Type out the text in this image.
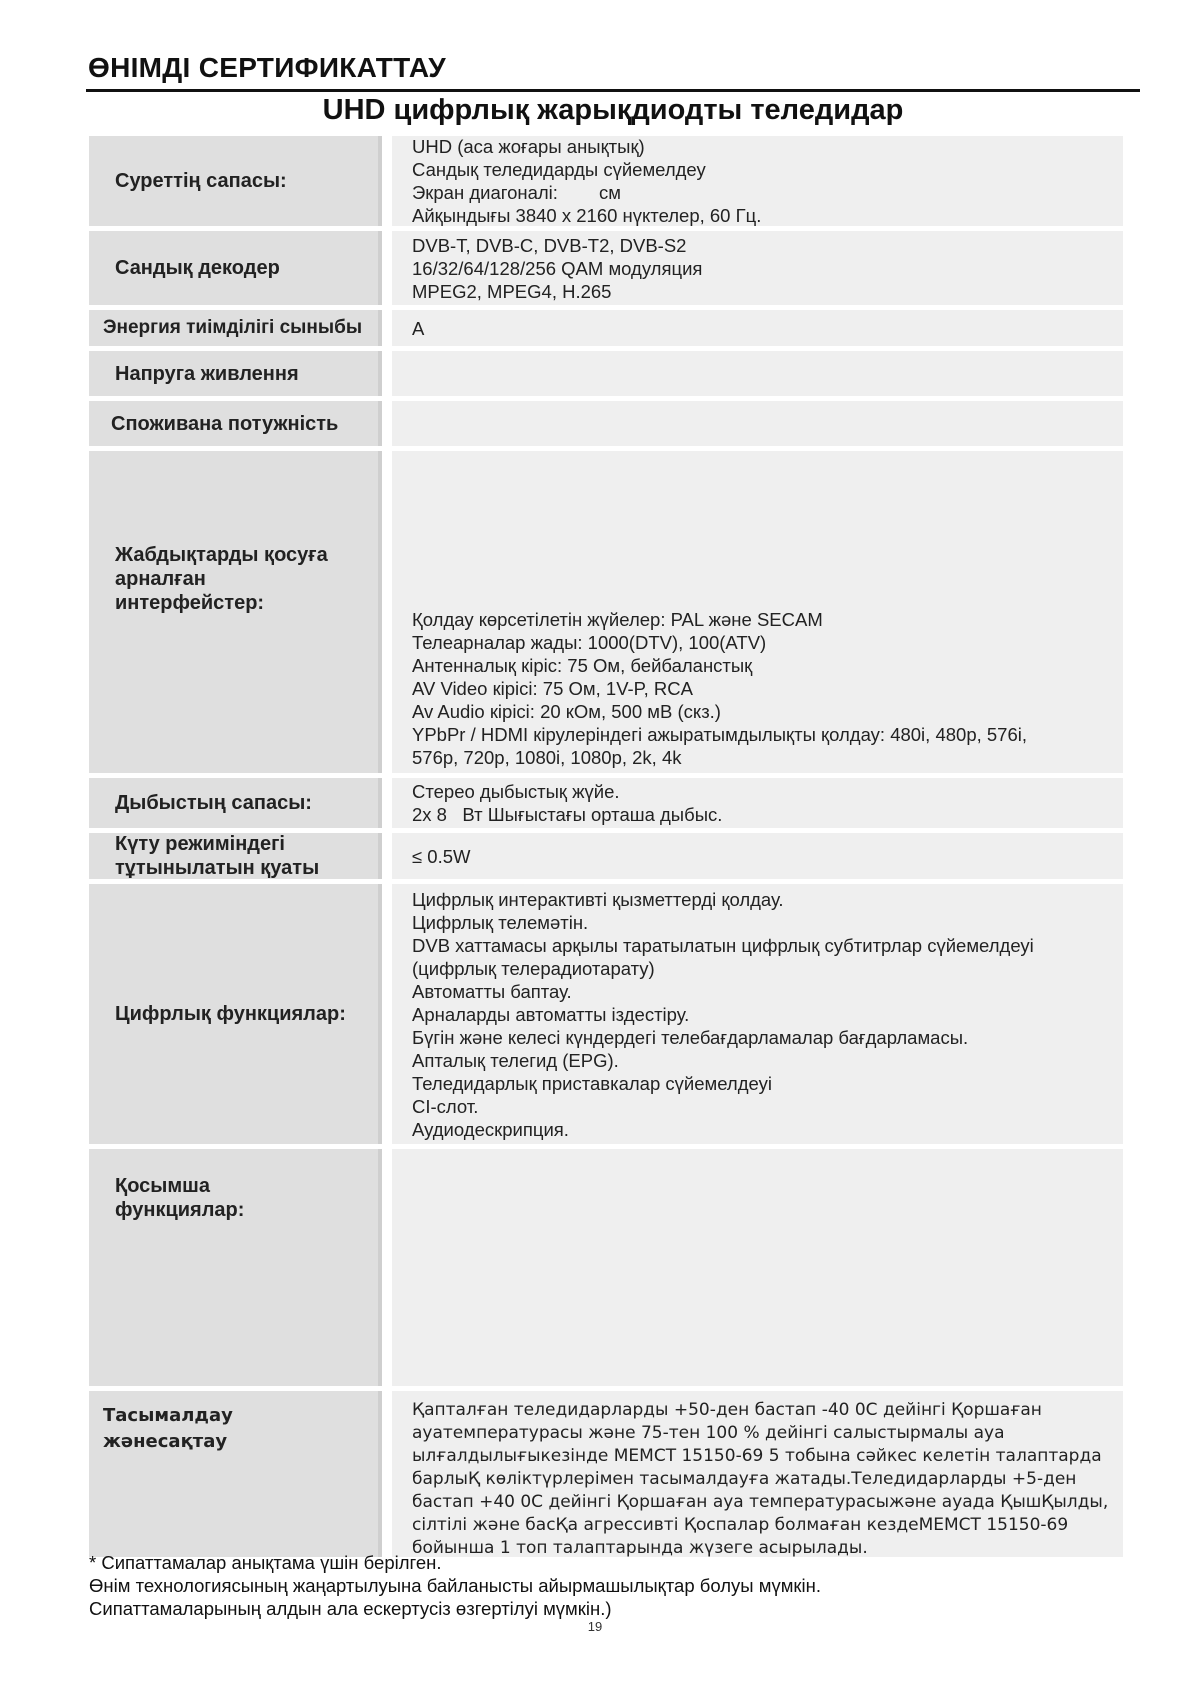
ӨНІМДІ СЕРТИФИКАТТАУ
UHD цифрлық жарықдиодты теледидар
Суреттің сапасы:
UHD (аса жоғары анықтық)
Сандық теледидарды сүйемелдеу
Экран диагоналі:        см
Айқындығы 3840 x 2160 нүктелер, 60 Гц.
Сандық декодер
DVB-T, DVB-C, DVB-T2, DVB-S2
16/32/64/128/256 QAM модуляция
MPEG2, MPEG4, H.265
Энергия тиімділігі сыныбы	A
Напруга живлення
Споживана потужність
Жабдықтарды қосуға
арналған
интерфейстер:
Қолдау көрсетілетін жүйелер: PAL және SECAM
Телеарналар жады: 1000(DTV), 100(ATV)
Антенналық кіріс: 75 Ом, бейбаланстық
AV Video кірісі: 75 Ом, 1V-P, RCA
Av Audio кірісі: 20 кОм, 500 мВ (скз.)
YPbPr / HDMI кірулеріндегі ажыратымдылықты қолдау: 480i, 480p, 576i,
576p, 720p, 1080i, 1080p, 2k, 4k
Дыбыстың сапасы:
Стерео дыбыстық жүйе.
2x 8   Вт Шығыстағы орташа дыбыс.
Күту режиміндегі
тұтынылатын қуаты
≤ 0.5W
Цифрлық функциялар:
Цифрлық интерактивті қызметтерді қолдау.
Цифрлық телемәтін.
DVB хаттамасы арқылы таратылатын цифрлық субтитрлар сүйемелдеуі
(цифрлық телерадиотарату)
Автоматты баптау.
Арналарды автоматты іздестіру.
Бүгін және келесі күндердегі телебағдарламалар бағдарламасы.
Апталық телегид (EPG).
Теледидарлық приставкалар сүйемелдеуі
CI-слот.
Аудиодескрипция.
Қосымша
функциялар:
Тасымалдау
жәнесақтау
Қапталған теледидарларды +50-ден бастап -40 0С дейінгі Қоршаған
ауатемпературасы және 75-тен 100 % дейінгі салыстырмалы ауа
ылғалдылығыкезінде МЕМСТ 15150-69 5 тобына сәйкес келетін талаптарда
барлыҚ көліктүрлерімен тасымалдауға жатады.Теледидарларды +5-ден
бастап +40 0С дейінгі Қоршаған ауа температурасыжәне ауада ҚышҚылды,
сілтілі және басҚа агрессивті Қоспалар болмаған кездеМЕМСТ 15150-69
бойынша 1 топ талаптарында жүзеге асырылады.
* Сипаттамалар анықтама үшін берілген.
Өнім технологиясының жаңартылуына байланысты айырмашылықтар болуы мүмкін.
Сипаттамаларының алдын ала ескертусіз өзгертілуі мүмкін.)
19
